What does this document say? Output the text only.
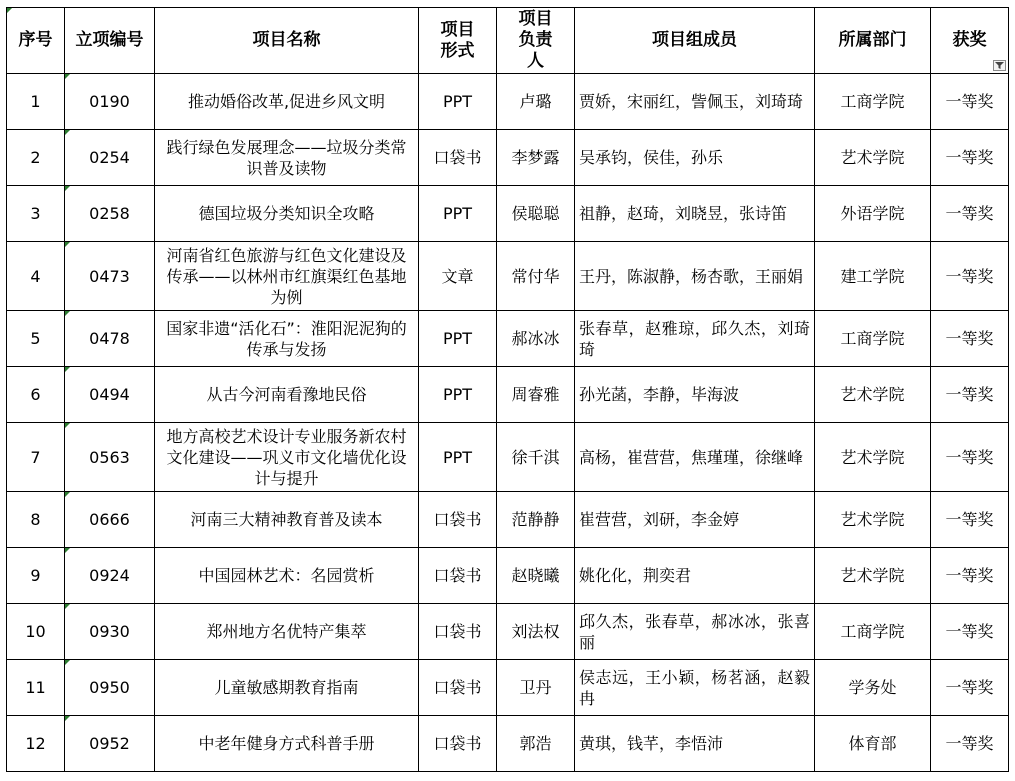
序号	立项编号	项目名称	项目形式	项目负责人	项目组成员	所属部门	获奖

1	0190	推动婚俗改革,促进乡风文明	PPT	卢璐	贾娇，宋丽红，訾佩玉，刘琦琦	工商学院	一等奖
2	0254	践行绿色发展理念——垃圾分类常识普及读物	口袋书	李梦露	吴承钧，侯佳，孙乐	艺术学院	一等奖
3	0258	德国垃圾分类知识全攻略	PPT	侯聪聪	祖静，赵琦，刘晓昱，张诗笛	外语学院	一等奖
4	0473	河南省红色旅游与红色文化建设及传承——以林州市红旗渠红色基地为例	文章	常付华	王丹，陈淑静，杨杏歌，王丽娟	建工学院	一等奖
5	0478	国家非遗“活化石”：淮阳泥泥狗的传承与发扬	PPT	郝冰冰	张春草，赵雅琼，邱久杰，刘琦琦	工商学院	一等奖
6	0494	从古今河南看豫地民俗	PPT	周睿雅	孙光菡，李静，毕海波	艺术学院	一等奖
7	0563	地方高校艺术设计专业服务新农村文化建设——巩义市文化墙优化设计与提升	PPT	徐千淇	高杨，崔营营，焦瑾瑾，徐继峰	艺术学院	一等奖
8	0666	河南三大精神教育普及读本	口袋书	范静静	崔营营，刘研，李金婷	艺术学院	一等奖
9	0924	中国园林艺术：名园赏析	口袋书	赵晓曦	姚化化，荆奕君	艺术学院	一等奖
10	0930	郑州地方名优特产集萃	口袋书	刘法权	邱久杰，张春草，郝冰冰，张喜丽	工商学院	一等奖
11	0950	儿童敏感期教育指南	口袋书	卫丹	侯志远，王小颖，杨茗涵，赵毅冉	学务处	一等奖
12	0952	中老年健身方式科普手册	口袋书	郭浩	黄琪，钱芊，李悟沛	体育部	一等奖
